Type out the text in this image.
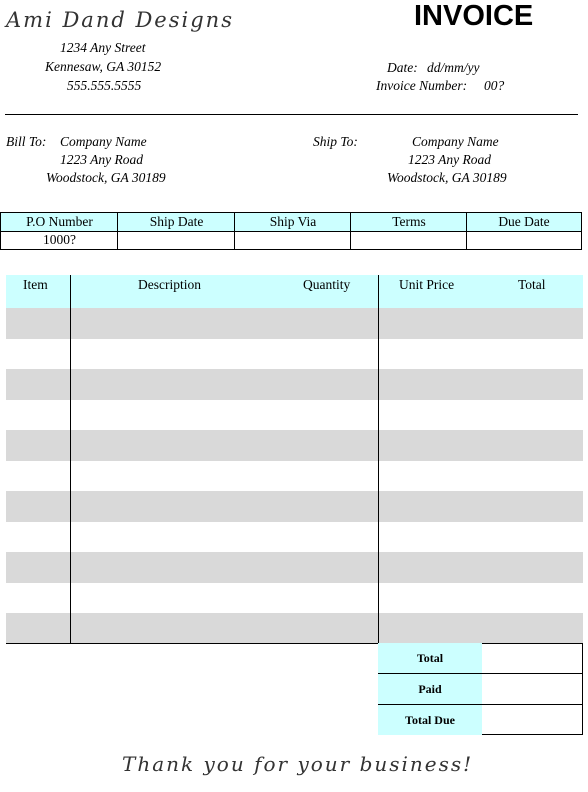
Ami Dand Designs
1234 Any Street
Kennesaw, GA 30152
555.555.5555
INVOICE
Date: dd/mm/yy
Invoice Number: 00?
Bill To: Company Name
1223 Any Road
Woodstock, GA 30189
Ship To:	Company Name
1223 Any Road
Woodstock, GA 30189
P.O Number	Ship Date	Ship Via	Terms	Due Date
1000?
Item	Description	Quantity	Unit Price	Total
Total
Paid
Total Due
Thank you for your business!
